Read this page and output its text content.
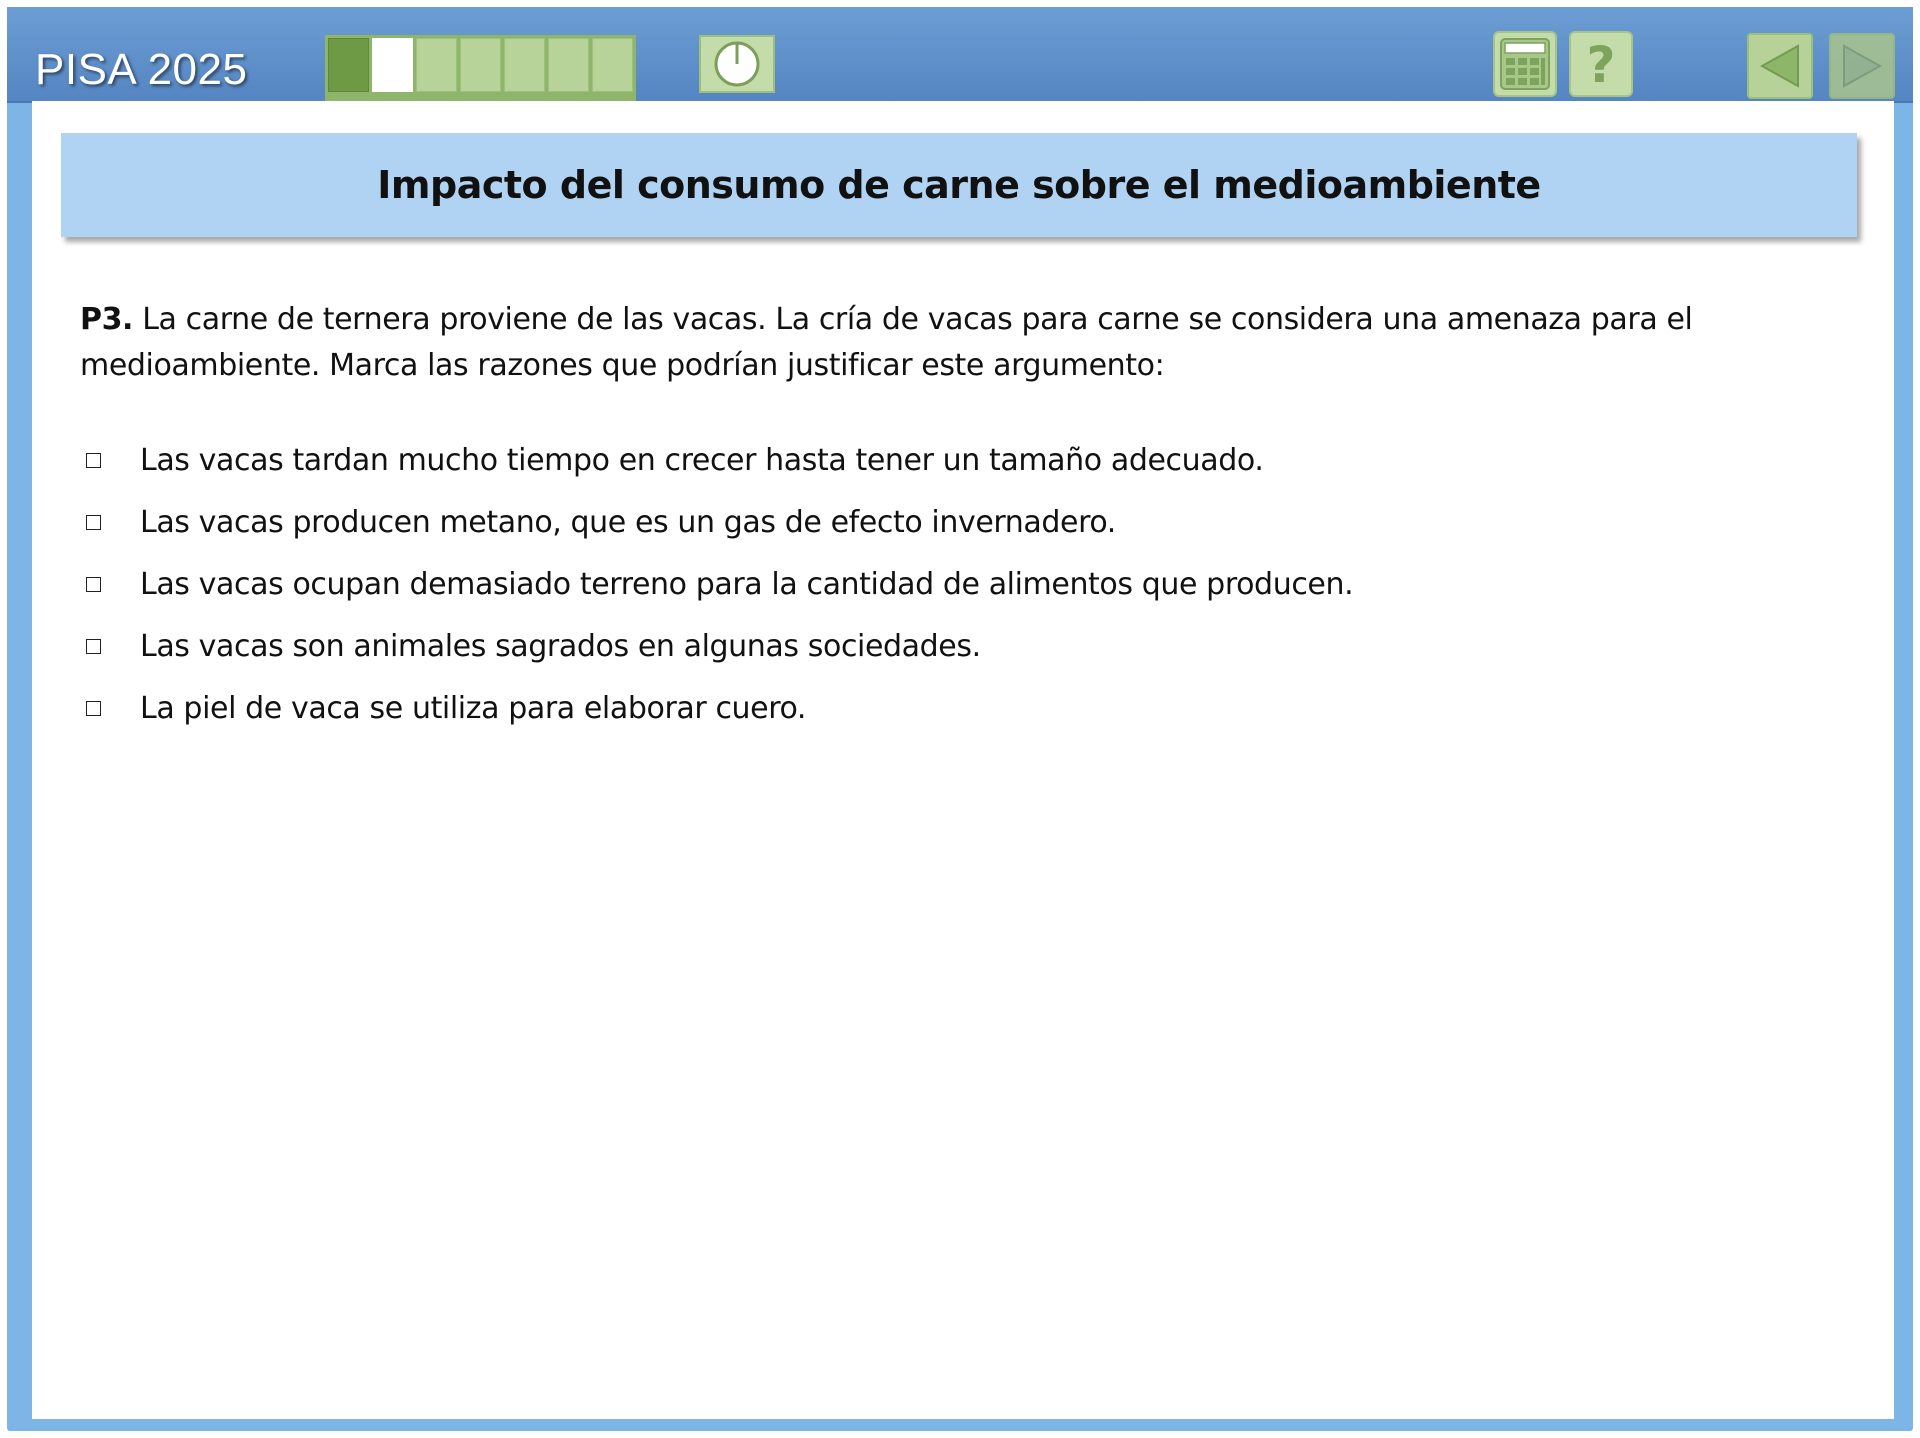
PISA 2025	?
Impacto del consumo de carne sobre el medioambiente
P3. La carne de ternera proviene de las vacas. La cría de vacas para carne se considera una amenaza para el medioambiente. Marca las razones que podrían justificar este argumento:
Las vacas tardan mucho tiempo en crecer hasta tener un tamaño adecuado.
Las vacas producen metano, que es un gas de efecto invernadero.
Las vacas ocupan demasiado terreno para la cantidad de alimentos que producen.
Las vacas son animales sagrados en algunas sociedades.
La piel de vaca se utiliza para elaborar cuero.
